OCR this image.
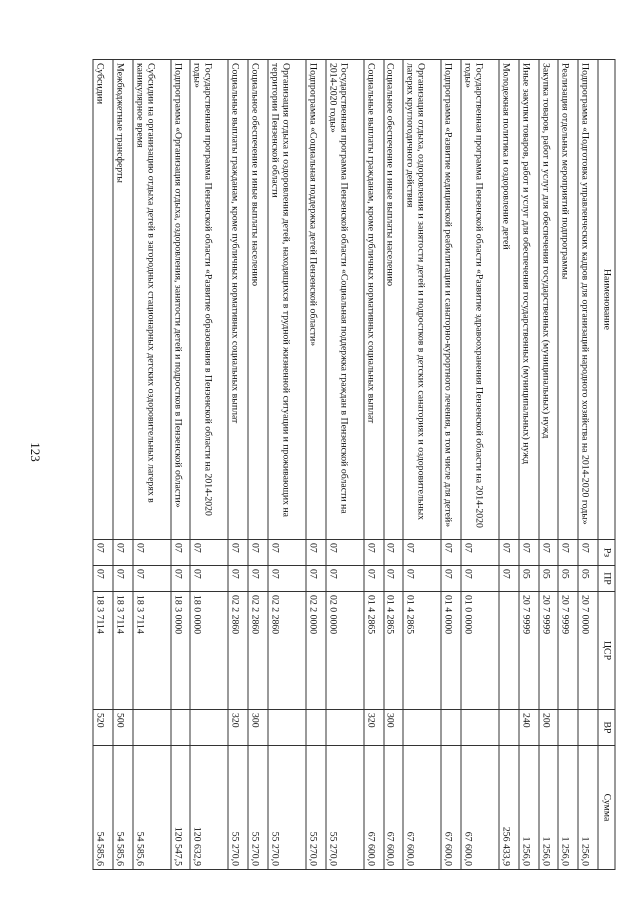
123
Наименование	Рз	ПР	ЦСР	ВР	Сумма
Подпрограмма «Подготовка управленческих кадров для организаций народного хозяйства на 2014-2020 годы»	07	05	20 7 0000		1 256,0
Реализация отдельных мероприятий подпрограммы	07	05	20 7 9999		1 256,0
Закупка товаров, работ и услуг для обеспечения государственных (муниципальных) нужд	07	05	20 7 9999	200	1 256,0
Иные закупки товаров, работ и услуг для обеспечения государственных (муниципальных) нужд	07	05	20 7 9999	240	1 256,0
Молодежная политика и оздоровление детей	07	07			256 433,9
Государственная программа Пензенской области «Развитие здравоохранения Пензенской области на 2014-2020 годы»	07	07	01 0 0000		67 600,0
Подпрограмма «Развитие медицинской реабилитации и санаторно-курортного лечения, в том числе для детей»	07	07	01 4 0000		67 600,0
Организация отдыха, оздоровления и занятости детей и подростков в детских санаториях и оздоровительных лагерях круглогодичного действия	07	07	01 4 2865		67 600,0
Социальное обеспечение и иные выплаты населению	07	07	01 4 2865	300	67 600,0
Социальные выплаты гражданам, кроме публичных нормативных социальных выплат	07	07	01 4 2865	320	67 600,0
Государственная программа Пензенской области «Социальная поддержка граждан в Пензенской области на 2014-2020 годы»	07	07	02 0 0000		55 270,0
Подпрограмма «Социальная поддержка детей Пензенской области»	07	07	02 2 0000		55 270,0
Организация отдыха и оздоровления детей, находящихся в трудной жизненной ситуации и проживающих на территории Пензенской области	07	07	02 2 2860		55 270,0
Социальное обеспечение и иные выплаты населению	07	07	02 2 2860	300	55 270,0
Социальные выплаты гражданам, кроме публичных нормативных социальных выплат	07	07	02 2 2860	320	55 270,0
Государственная программа Пензенской области «Развитие образования в Пензенской области на 2014-2020 годы»	07	07	18 0 0000		120 632,9
Подпрограмма «Организация отдыха, оздоровления, занятости детей и подростков в Пензенской области»	07	07	18 3 0000		120 547,5
Субсидии на организацию отдыха детей в загородных стационарных детских оздоровительных лагерях в каникулярное время	07	07	18 3 7114		54 585,6
Межбюджетные трансферты	07	07	18 3 7114	500	54 585,6
Субсидии	07	07	18 3 7114	520	54 585,6
